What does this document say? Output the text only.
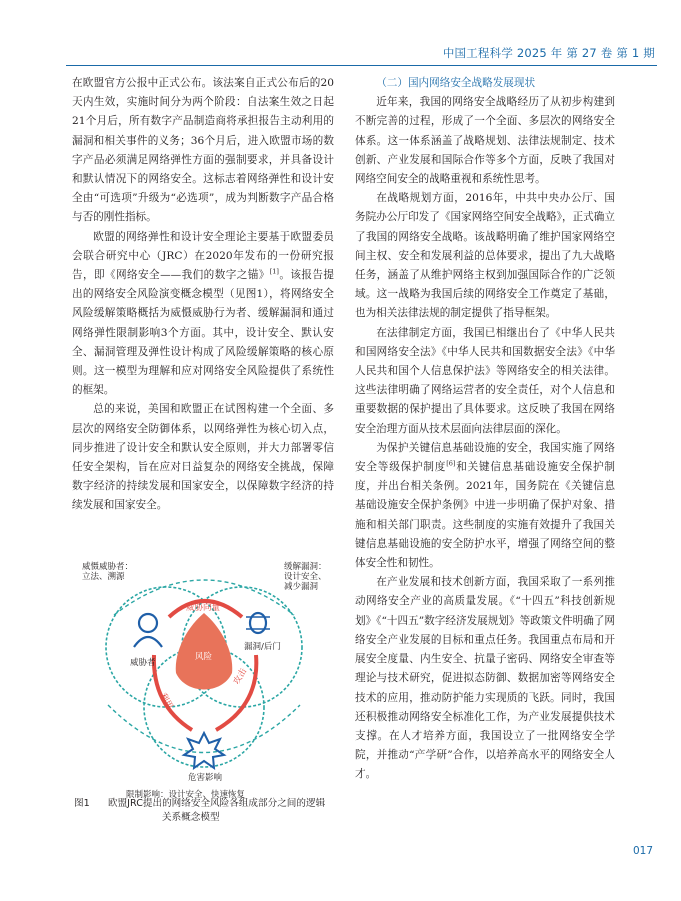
中国工程科学 2025 年 第 27 卷 第 1 期

在欧盟官方公报中正式公布。该法案自正式公布后的20天内生效，实施时间分为两个阶段：自法案生效之日起21个月后，所有数字产品制造商将承担报告主动利用的漏洞和相关事件的义务；36个月后，进入欧盟市场的数字产品必须满足网络弹性方面的强制要求，并具备设计和默认情况下的网络安全。这标志着网络弹性和设计安全由“可选项”升级为“必选项”，成为判断数字产品合格与否的刚性指标。

欧盟的网络弹性和设计安全理论主要基于欧盟委员会联合研究中心（JRC）在2020年发布的一份研究报告，即《网络安全——我们的数字之锚》[1]。该报告提出的网络安全风险演变概念模型（见图1），将网络安全风险缓解策略概括为威慑威胁行为者、缓解漏洞和通过网络弹性限制影响3个方面。其中，设计安全、默认安全、漏洞管理及弹性设计构成了风险缓解策略的核心原则。这一模型为理解和应对网络安全风险提供了系统性的框架。

总的来说，美国和欧盟正在试图构建一个全面、多层次的网络安全防御体系，以网络弹性为核心切入点，同步推进了设计安全和默认安全原则，并大力部署零信任安全架构，旨在应对日益复杂的网络安全挑战，保障数字经济的持续发展和国家安全，以保障数字经济的持续发展和国家安全。

威慑威胁者：
立法、溯源
缓解漏洞：
设计安全、
减少漏洞
威胁者
漏洞/后门
危害影响
风险
威胁向量
利用
攻击
限制影响：设计安全、快速恢复
图1 欧盟JRC提出的网络安全风险各组成部分之间的逻辑
关系概念模型

（二）国内网络安全战略发展现状

近年来，我国的网络安全战略经历了从初步构建到不断完善的过程，形成了一个全面、多层次的网络安全体系。这一体系涵盖了战略规划、法律法规制定、技术创新、产业发展和国际合作等多个方面，反映了我国对网络空间安全的战略重视和系统性思考。

在战略规划方面，2016年，中共中央办公厅、国务院办公厅印发了《国家网络空间安全战略》，正式确立了我国的网络安全战略。该战略明确了维护国家网络空间主权、安全和发展利益的总体要求，提出了九大战略任务，涵盖了从维护网络主权到加强国际合作的广泛领域。这一战略为我国后续的网络安全工作奠定了基础，也为相关法律法规的制定提供了指导框架。

在法律制定方面，我国已相继出台了《中华人民共和国网络安全法》《中华人民共和国数据安全法》《中华人民共和国个人信息保护法》等网络安全的相关法律。这些法律明确了网络运营者的安全责任，对个人信息和重要数据的保护提出了具体要求。这反映了我国在网络安全治理方面从技术层面向法律层面的深化。

为保护关键信息基础设施的安全，我国实施了网络安全等级保护制度[6]和关键信息基础设施安全保护制度，并出台相关条例。2021年，国务院在《关键信息基础设施安全保护条例》中进一步明确了保护对象、措施和相关部门职责。这些制度的实施有效提升了我国关键信息基础设施的安全防护水平，增强了网络空间的整体安全性和韧性。

在产业发展和技术创新方面，我国采取了一系列推动网络安全产业的高质量发展。《“十四五”科技创新规划》《“十四五”数字经济发展规划》等政策文件明确了网络安全产业发展的目标和重点任务。我国重点布局和开展安全度量、内生安全、抗量子密码、网络安全审查等理论与技术研究，促进拟态防御、数据加密等网络安全技术的应用，推动防护能力实现质的飞跃。同时，我国还积极推动网络安全标准化工作，为产业发展提供技术支撑。在人才培养方面，我国设立了一批网络安全学院，并推动“产学研”合作，以培养高水平的网络安全人才。

017
